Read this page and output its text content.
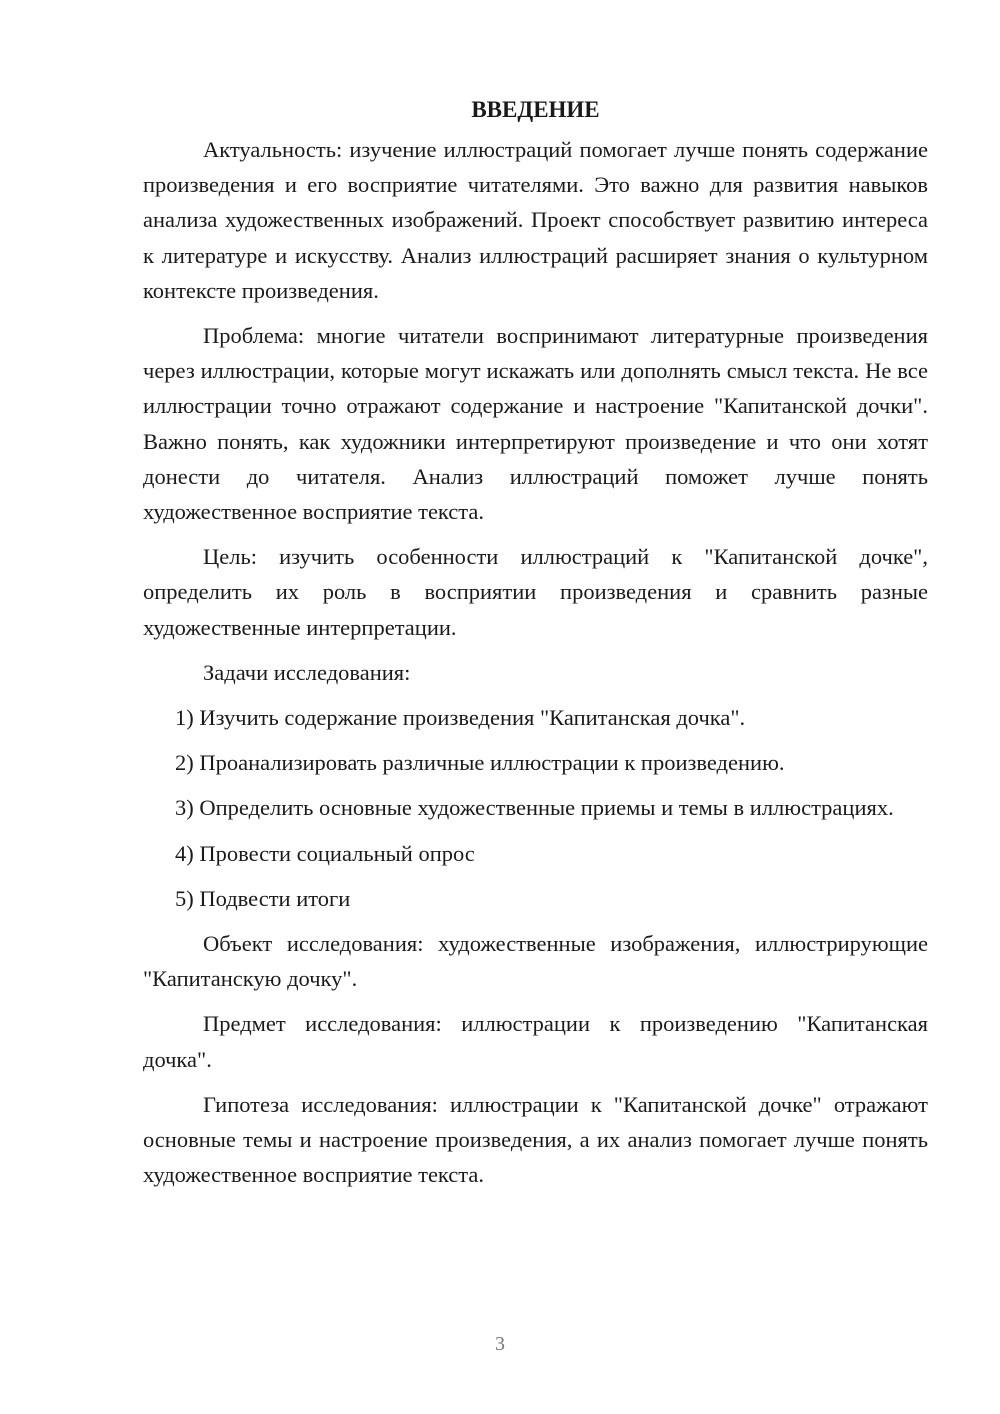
ВВЕДЕНИЕ

Актуальность: изучение иллюстраций помогает лучше понять содержание произведения и его восприятие читателями. Это важно для развития навыков анализа художественных изображений. Проект способствует развитию интереса к литературе и искусству. Анализ иллюстраций расширяет знания о культурном контексте произведения.

Проблема: многие читатели воспринимают литературные произведения через иллюстрации, которые могут искажать или дополнять смысл текста. Не все иллюстрации точно отражают содержание и настроение "Капитанской дочки". Важно понять, как художники интерпретируют произведение и что они хотят донести до читателя. Анализ иллюстраций поможет лучше понять художественное восприятие текста.

Цель: изучить особенности иллюстраций к "Капитанской дочке", определить их роль в восприятии произведения и сравнить разные художественные интерпретации.

Задачи исследования:

1) Изучить содержание произведения "Капитанская дочка".

2) Проанализировать различные иллюстрации к произведению.

3) Определить основные художественные приемы и темы в иллюстрациях.

4) Провести социальный опрос

5) Подвести итоги

Объект исследования: художественные изображения, иллюстрирующие "Капитанскую дочку".

Предмет исследования: иллюстрации к произведению "Капитанская дочка".

Гипотеза исследования: иллюстрации к "Капитанской дочке" отражают основные темы и настроение произведения, а их анализ помогает лучше понять художественное восприятие текста.

3
